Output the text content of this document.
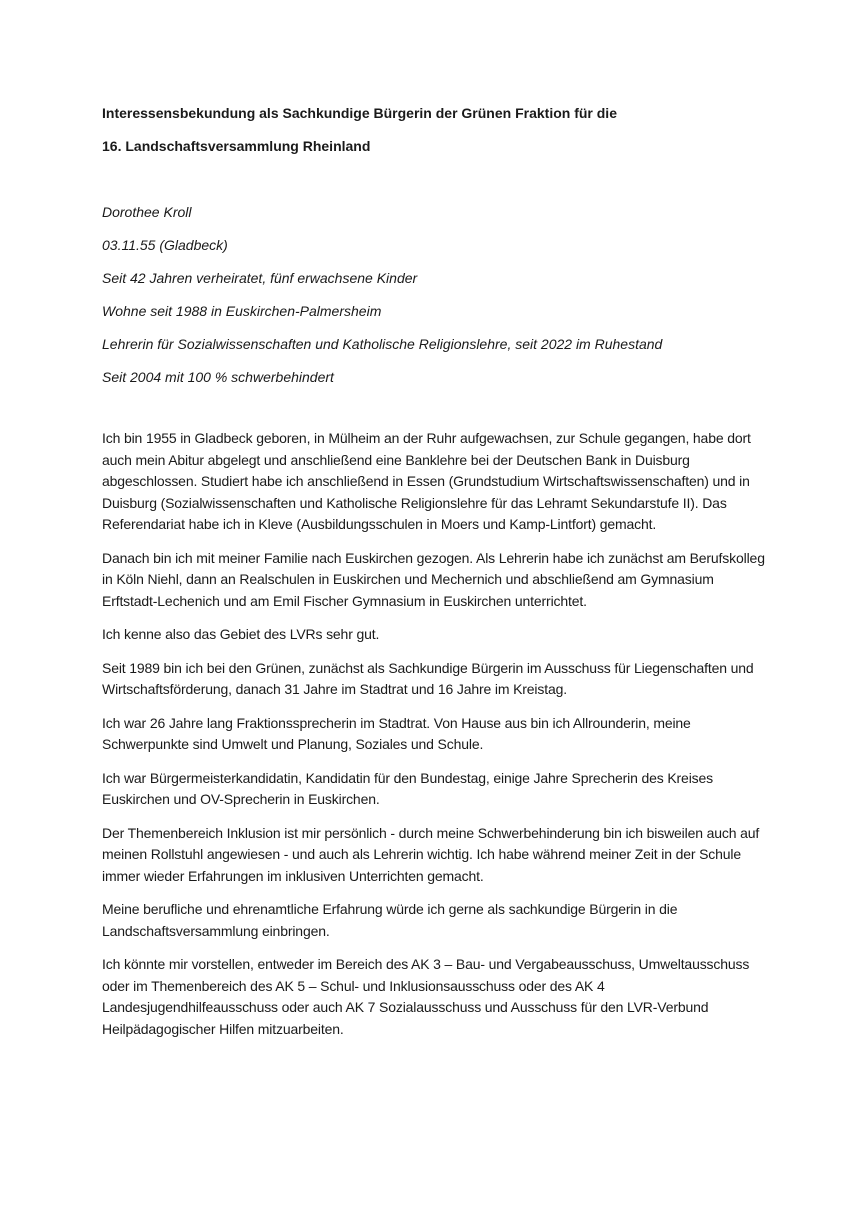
Interessensbekundung als Sachkundige Bürgerin der Grünen Fraktion für die

16. Landschaftsversammlung Rheinland

Dorothee Kroll

03.11.55 (Gladbeck)

Seit 42 Jahren verheiratet, fünf erwachsene Kinder

Wohne seit 1988 in Euskirchen-Palmersheim

Lehrerin für Sozialwissenschaften und Katholische Religionslehre, seit 2022 im Ruhestand

Seit 2004 mit 100 % schwerbehindert

Ich bin 1955 in Gladbeck geboren, in Mülheim an der Ruhr aufgewachsen, zur Schule gegangen, habe dort auch mein Abitur abgelegt und anschließend eine Banklehre bei der Deutschen Bank in Duisburg abgeschlossen. Studiert habe ich anschließend in Essen (Grundstudium Wirtschaftswissenschaften) und in Duisburg (Sozialwissenschaften und Katholische Religionslehre für das Lehramt Sekundarstufe II). Das Referendariat habe ich in Kleve (Ausbildungsschulen in Moers und Kamp-Lintfort) gemacht.

Danach bin ich mit meiner Familie nach Euskirchen gezogen. Als Lehrerin habe ich zunächst am Berufskolleg in Köln Niehl, dann an Realschulen in Euskirchen und Mechernich und abschließend am Gymnasium Erftstadt-Lechenich und am Emil Fischer Gymnasium in Euskirchen unterrichtet.

Ich kenne also das Gebiet des LVRs sehr gut.

Seit 1989 bin ich bei den Grünen, zunächst als Sachkundige Bürgerin im Ausschuss für Liegenschaften und Wirtschaftsförderung, danach 31 Jahre im Stadtrat und 16 Jahre im Kreistag.

Ich war 26 Jahre lang Fraktionssprecherin im Stadtrat. Von Hause aus bin ich Allrounderin, meine Schwerpunkte sind Umwelt und Planung, Soziales und Schule.

Ich war Bürgermeisterkandidatin, Kandidatin für den Bundestag, einige Jahre Sprecherin des Kreises Euskirchen und OV-Sprecherin in Euskirchen.

Der Themenbereich Inklusion ist mir persönlich - durch meine Schwerbehinderung bin ich bisweilen auch auf meinen Rollstuhl angewiesen - und auch als Lehrerin wichtig. Ich habe während meiner Zeit in der Schule immer wieder Erfahrungen im inklusiven Unterrichten gemacht.

Meine berufliche und ehrenamtliche Erfahrung würde ich gerne als sachkundige Bürgerin in die Landschaftsversammlung einbringen.

Ich könnte mir vorstellen, entweder im Bereich des AK 3 – Bau- und Vergabeausschuss, Umweltausschuss oder im Themenbereich des AK 5 – Schul- und Inklusionsausschuss oder des AK 4 Landesjugendhilfeausschuss oder auch AK 7 Sozialausschuss und Ausschuss für den LVR-Verbund Heilpädagogischer Hilfen mitzuarbeiten.
